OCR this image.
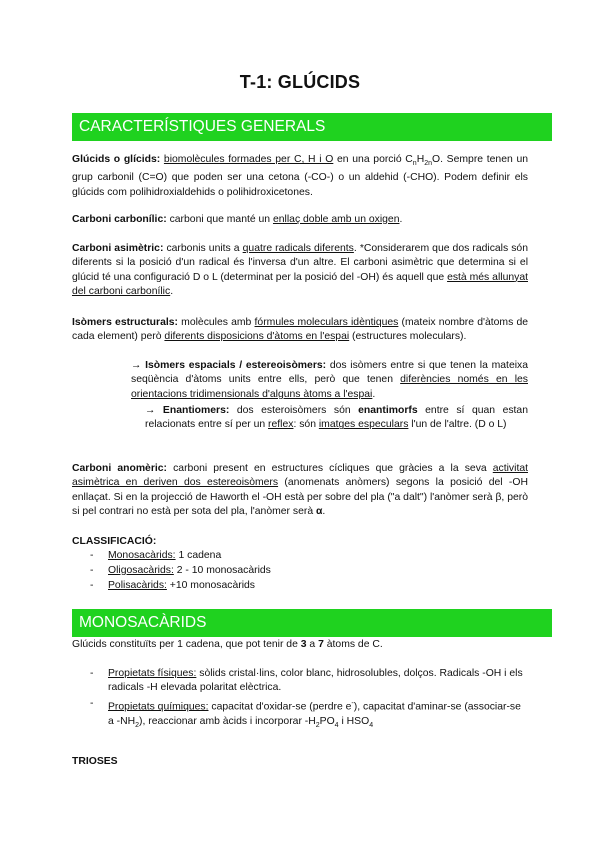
T-1: GLÚCIDS
CARACTERÍSTIQUES GENERALS

Glúcids o glícids: biomolècules formades per C, H i O en una porció $C_nH_{2n}O$. Sempre tenen un grup carbonil (C=O) que poden ser una cetona (-CO-) o un aldehid (-CHO). Podem definir els glúcids com polihidroxialdehids o polihidroxicetones.

Carboni carbonílic: carboni que manté un enllaç doble amb un oxigen.

Carboni asimètric: carbonis units a quatre radicals diferents. *Considerarem que dos radicals són diferents si la posició d'un radical és l'inversa d'un altre. El carboni asimètric que determina si el glúcid té una configuració D o L (determinat per la posició del -OH) és aquell que està més allunyat del carboni carbonílic.

Isòmers estructurals: molècules amb fórmules moleculars idèntiques (mateix nombre d'àtoms de cada element) però diferents disposicions d'àtoms en l'espai (estructures moleculars).

→ Isòmers espacials / estereoisòmers: dos isòmers entre si que tenen la mateixa seqüència d'àtoms units entre ells, però que tenen diferències només en les orientacions tridimensionals d'alguns àtoms a l'espai.

→ Enantiomers: dos esteroisòmers són enantimorfs entre sí quan estan relacionats entre sí per un reflex: són imatges especulars l'un de l'altre. (D o L)

Carboni anomèric: carboni present en estructures cícliques que gràcies a la seva activitat asimètrica en deriven dos estereoisòmers (anomenats anòmers) segons la posició del -OH enllaçat. Si en la projecció de Haworth el -OH està per sobre del pla ("a dalt") l'anòmer serà β, però si pel contrari no està per sota del pla, l'anòmer serà α.

CLASSIFICACIÓ:
- Monosacàrids: 1 cadena
- Oligosacàrids: 2 - 10 monosacàrids
- Polisacàrids: +10 monosacàrids
MONOSACÀRIDS

Glúcids constituïts per 1 cadena, que pot tenir de 3 a 7 àtoms de C.

- Propietats físiques: sòlids cristal·lins, color blanc, hidrosolubles, dolços. Radicals -OH i els radicals -H elevada polaritat elèctrica.
- Propietats químiques: capacitat d'oxidar-se (perdre e-), capacitat d'aminar-se (associar-se a $-NH_2$), reaccionar amb àcids i incorporar $-H_2PO_4$ i $HSO_4$
TRIOSES
